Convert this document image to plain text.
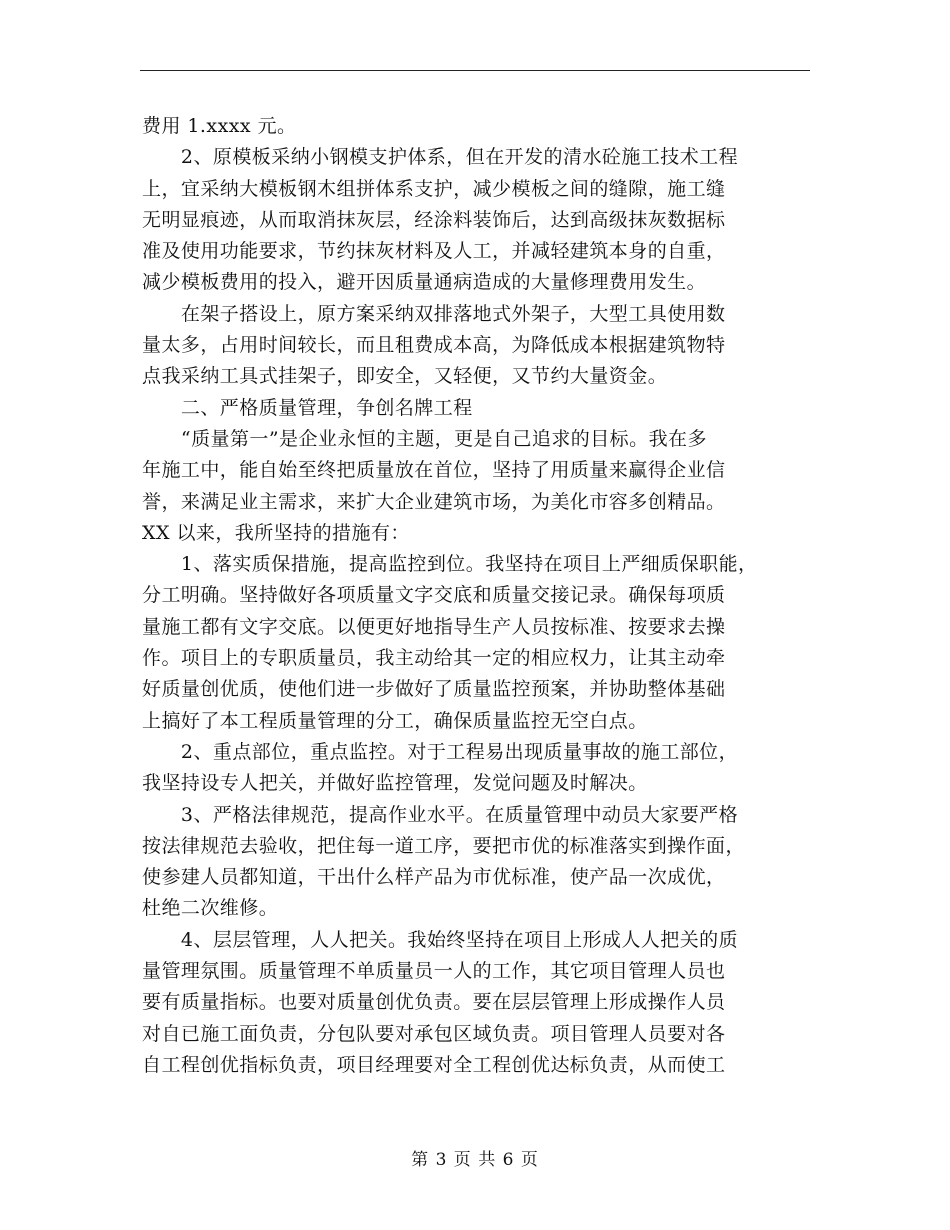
费用 1.xxxx 元。
　　2、原模板采纳小钢模支护体系，但在开发的清水砼施工技术工程
上，宜采纳大模板钢木组拼体系支护，减少模板之间的缝隙，施工缝
无明显痕迹，从而取消抹灰层，经涂料装饰后，达到高级抹灰数据标
准及使用功能要求，节约抹灰材料及人工，并减轻建筑本身的自重，
减少模板费用的投入，避开因质量通病造成的大量修理费用发生。
　　在架子搭设上，原方案采纳双排落地式外架子，大型工具使用数
量太多，占用时间较长，而且租费成本高，为降低成本根据建筑物特
点我采纳工具式挂架子，即安全，又轻便，又节约大量资金。
　　二、严格质量管理，争创名牌工程
　　“质量第一”是企业永恒的主题，更是自己追求的目标。我在多
年施工中，能自始至终把质量放在首位，坚持了用质量来赢得企业信
誉，来满足业主需求，来扩大企业建筑市场，为美化市容多创精品。
XX 以来，我所坚持的措施有：
　　1、落实质保措施，提高监控到位。我坚持在项目上严细质保职能，
分工明确。坚持做好各项质量文字交底和质量交接记录。确保每项质
量施工都有文字交底。以便更好地指导生产人员按标准、按要求去操
作。项目上的专职质量员，我主动给其一定的相应权力，让其主动牵
好质量创优质，使他们进一步做好了质量监控预案，并协助整体基础
上搞好了本工程质量管理的分工，确保质量监控无空白点。
　　2、重点部位，重点监控。对于工程易出现质量事故的施工部位，
我坚持设专人把关，并做好监控管理，发觉问题及时解决。
　　3、严格法律规范，提高作业水平。在质量管理中动员大家要严格
按法律规范去验收，把住每一道工序，要把市优的标准落实到操作面，
使参建人员都知道，干出什么样产品为市优标准，使产品一次成优，
杜绝二次维修。
　　4、层层管理，人人把关。我始终坚持在项目上形成人人把关的质
量管理氛围。质量管理不单质量员一人的工作，其它项目管理人员也
要有质量指标。也要对质量创优负责。要在层层管理上形成操作人员
对自已施工面负责，分包队要对承包区域负责。项目管理人员要对各
自工程创优指标负责，项目经理要对全工程创优达标负责，从而使工
第 3 页 共 6 页
